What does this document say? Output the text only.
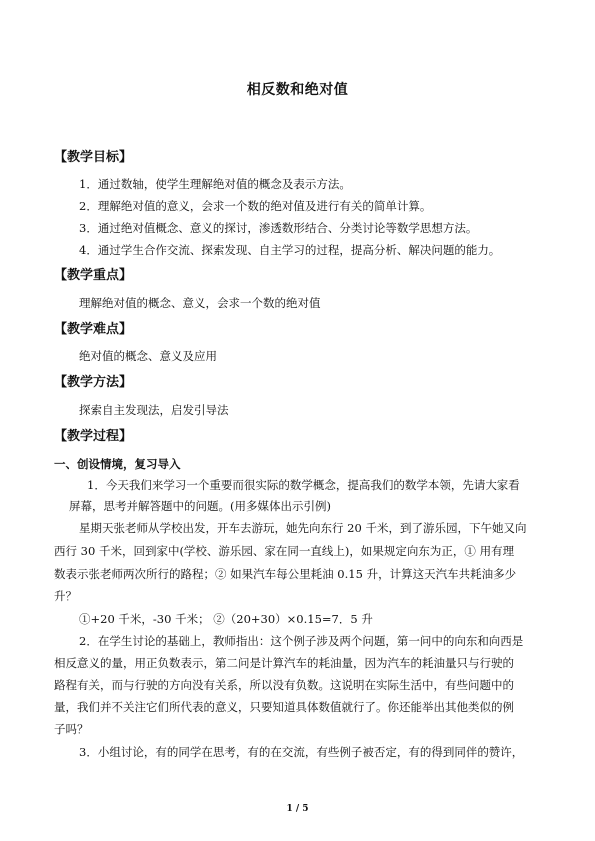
相反数和绝对值
【教学目标】
1．通过数轴，使学生理解绝对值的概念及表示方法。
2．理解绝对值的意义，会求一个数的绝对值及进行有关的简单计算。
3．通过绝对值概念、意义的探讨，渗透数形结合、分类讨论等数学思想方法。
4．通过学生合作交流、探索发现、自主学习的过程，提高分析、解决问题的能力。
【教学重点】
理解绝对值的概念、意义，会求一个数的绝对值
【教学难点】
绝对值的概念、意义及应用
【教学方法】
探索自主发现法，启发引导法
【教学过程】
一、创设情境，复习导入
1．今天我们来学习一个重要而很实际的数学概念，提高我们的数学本领，先请大家看
屏幕，思考并解答题中的问题。(用多媒体出示引例)
星期天张老师从学校出发，开车去游玩，她先向东行 20 千米，到了游乐园，下午她又向
西行 30 千米，回到家中(学校、游乐园、家在同一直线上)，如果规定向东为正，① 用有理
数表示张老师两次所行的路程；② 如果汽车每公里耗油 0.15 升，计算这天汽车共耗油多少
升？
①+20 千米，-30 千米； ②（20+30）×0.15=7．5 升
2．在学生讨论的基础上，教师指出：这个例子涉及两个问题，第一问中的向东和向西是
相反意义的量，用正负数表示，第二问是计算汽车的耗油量，因为汽车的耗油量只与行驶的
路程有关，而与行驶的方向没有关系，所以没有负数。这说明在实际生活中，有些问题中的
量，我们并不关注它们所代表的意义，只要知道具体数值就行了。你还能举出其他类似的例
子吗？
3．小组讨论，有的同学在思考，有的在交流，有些例子被否定，有的得到同伴的赞许，
1 / 5
